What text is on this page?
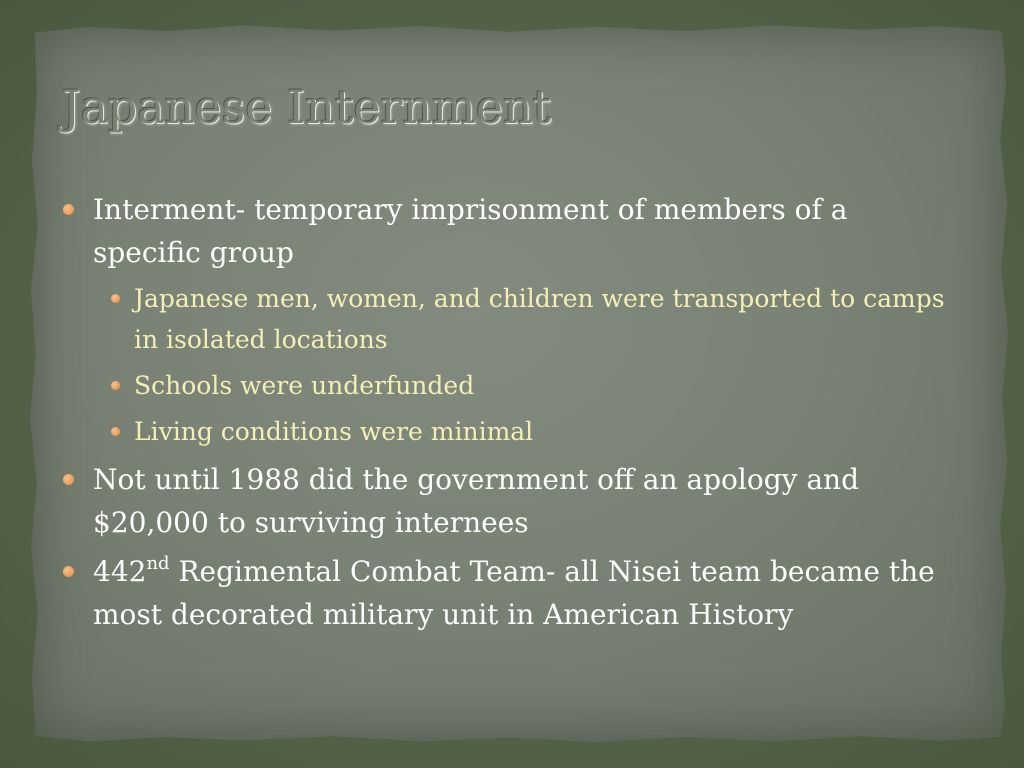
Japanese Internment
Interment- temporary imprisonment of members of a specific group
Japanese men, women, and children were transported to camps in isolated locations
Schools were underfunded
Living conditions were minimal
Not until 1988 did the government off an apology and $20,000 to surviving internees
442nd Regimental Combat Team- all Nisei team became the most decorated military unit in American History
